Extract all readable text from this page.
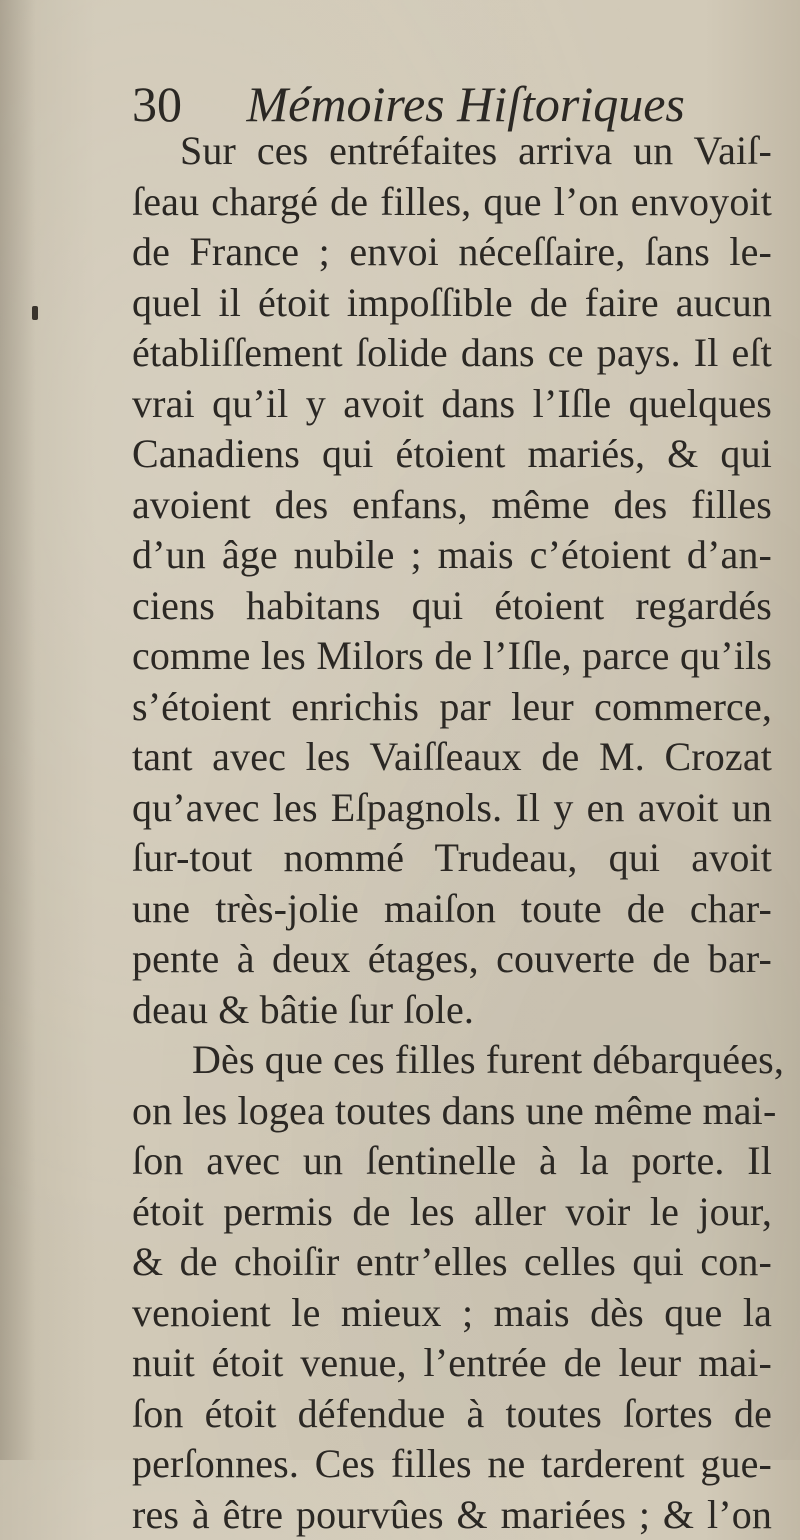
30 Mémoires Hiſtoriques
Sur ces entréfaites arriva un Vaiſ-
ſeau chargé de filles, que l’on envoyoit
de France ; envoi néceſſaire, ſans le-
quel il étoit impoſſible de faire aucun
établiſſement ſolide dans ce pays. Il eſt
vrai qu’il y avoit dans l’Iſle quelques
Canadiens qui étoient mariés, & qui
avoient des enfans, même des filles
d’un âge nubile ; mais c’étoient d’an-
ciens habitans qui étoient regardés
comme les Milors de l’Iſle, parce qu’ils
s’étoient enrichis par leur commerce,
tant avec les Vaiſſeaux de M. Crozat
qu’avec les Eſpagnols. Il y en avoit un
ſur-tout nommé Trudeau, qui avoit
une très-jolie maiſon toute de char-
pente à deux étages, couverte de bar-
deau & bâtie ſur ſole.
Dès que ces filles furent débarquées,
on les logea toutes dans une même mai-
ſon avec un ſentinelle à la porte. Il
étoit permis de les aller voir le jour,
& de choiſir entr’elles celles qui con-
venoient le mieux ; mais dès que la
nuit étoit venue, l’entrée de leur mai-
ſon étoit défendue à toutes ſortes de
perſonnes. Ces filles ne tarderent gue-
res à être pourvûes & mariées ; & l’on
